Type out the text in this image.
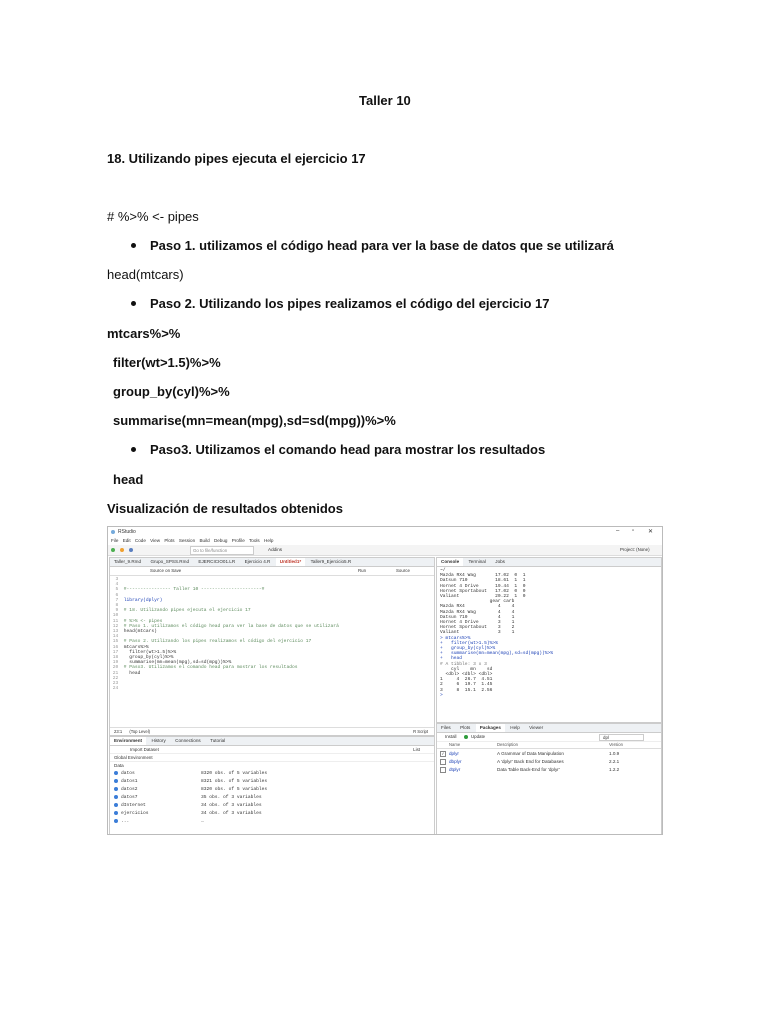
Taller 10
18. Utilizando pipes ejecuta el ejercicio 17
# %>% <- pipes
Paso 1. utilizamos el código head para ver la base de datos que se utilizará
head(mtcars)
Paso 2. Utilizando los pipes realizamos el código del ejercicio 17
mtcars%>%
filter(wt>1.5)%>%
group_by(cyl)%>%
summarise(mn=mean(mpg),sd=sd(mpg))%>%
Paso3. Utilizamos el comando head para mostrar los resultados
head
Visualización de resultados obtenidos
RStudio	– ▫ ✕
File Edit Code View Plots Session Build Debug Profile Tools Help
Go to file/function	Addins	Project: (None)
Taller_9.Rmd Grupo_SPSS.Rmd EJERCICIO01.LR Ejercicio 4.R Untitled1* Taller9_Ejercicio5.R
Source on Save	Run	Source
3
4
5  #---------------- Taller 10 ----------------------#
6
7  library(dplyr)
8
9  # 18. Utilizando pipes ejecuta el ejercicio 17
10
11  # %>% <- pipes
12  # Paso 1. utilizamos el código head para ver la base de datos que se utilizará
13  head(mtcars)
14
15  # Paso 2. Utilizando los pipes realizamos el código del ejercicio 17
16  mtcars%>%
17    filter(wt>1.5)%>%
18    group_by(cyl)%>%
19    summarise(mn=mean(mpg),sd=sd(mpg))%>%
20  # Paso3. Utilizamos el comando head para mostrar los resultados
21    head
22
23
24
23:1 (Top Level)	R Script
Environment History Connections Tutorial
Import Dataset	List
Global Environment
Data
datos	8320 obs. of 5 variables
datos1	8321 obs. of 5 variables
datos2	8320 obs. of 5 variables
datos7	35 obs. of 3 variables
dInternet	34 obs. of 3 variables
ejercicios	34 obs. of 3 variables
...	…
Console Terminal Jobs
~/
Mazda RX4 Wag       17.02  0  1
Datsun 710          18.61  1  1
Hornet 4 Drive      19.44  1  0
Hornet Sportabout   17.02  0  0
Valiant             20.22  1  0
gear carb
Mazda RX4            4    4
Mazda RX4 Wag        4    4
Datsun 710           4    1
Hornet 4 Drive       3    1
Hornet Sportabout    3    2
Valiant              3    1
> mtcars%>%
+   filter(wt>1.5)%>%
+   group_by(cyl)%>%
+   summarise(mn=mean(mpg),sd=sd(mpg))%>%
+   head
# A tibble: 3 x 3
cyl    mn    sd
<dbl> <dbl> <dbl>
1     4  26.7  4.51
2     6  19.7  1.45
3     8  15.1  2.56
>
Files Plots Packages Help Viewer
Install	Update	dpl
Name	Description	Version
✓ dplyr	A Grammar of Data Manipulation	1.0.9
dbplyr	A 'dplyr' Back End for Databases	2.2.1
dtplyr	Data Table Back-End for 'dplyr'	1.2.2
